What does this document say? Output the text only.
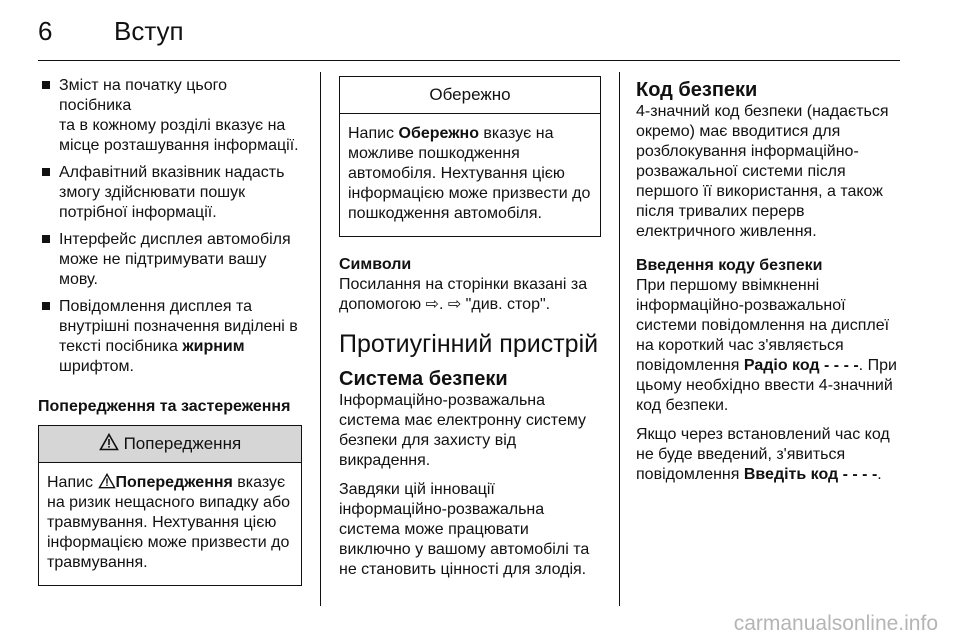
6 Вступ
Зміст на початку цього посібника
та в кожному розділі вказує на
місце розташування інформації.
Алфавітний вказівник надасть
змогу здійснювати пошук
потрібної інформації.
Інтерфейс дисплея автомобіля
може не підтримувати вашу
мову.
Повідомлення дисплея та
внутрішні позначення виділені в
тексті посібника жирним
шрифтом.

Попередження та застереження

Попередження
Напис Попередження вказує
на ризик нещасного випадку або
травмування. Нехтування цією
інформацією може призвести до
травмування.
Обережно
Напис Обережно вказує на
можливе пошкодження
автомобіля. Нехтування цією
інформацією може призвести до
пошкодження автомобіля.

Символи

Посилання на сторінки вказані за

допомогою ⇨. ⇨ "див. стор".

Протиугінний пристрій

Система безпеки

Інформаційно-розважальна

система має електронну систему

безпеки для захисту від

викрадення.

Завдяки цій інновації

інформаційно-розважальна

система може працювати

виключно у вашому автомобілі та

не становить цінності для злодія.

Код безпеки

4-значний код безпеки (надається

окремо) має вводитися для

розблокування інформаційно-

розважальної системи після

першого її використання, а також

після тривалих перерв

електричного живлення.

Введення коду безпеки

При першому ввімкненні

інформаційно-розважальної

системи повідомлення на дисплеї

на короткий час з'являється

повідомлення Радіо код - - - -. При

цьому необхідно ввести 4-значний

код безпеки.

Якщо через встановлений час код

не буде введений, з'явиться

повідомлення Введіть код - - - -.

carmanualsonline.info
